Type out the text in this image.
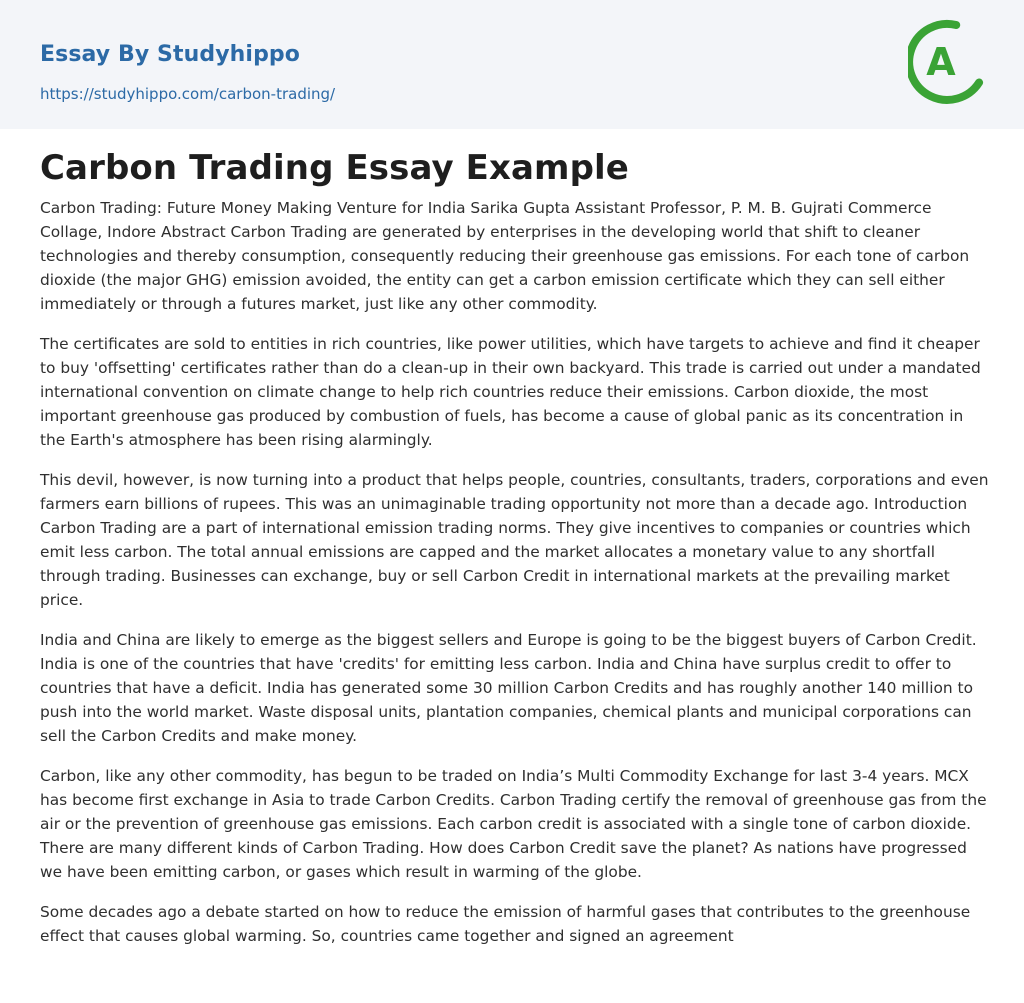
Essay By Studyhippo
https://studyhippo.com/carbon-trading/
A
Carbon Trading Essay Example

Carbon Trading: Future Money Making Venture for India Sarika Gupta Assistant Professor, P. M. B. Gujrati Commerce Collage, Indore Abstract Carbon Trading are generated by enterprises in the developing world that shift to cleaner technologies and thereby consumption, consequently reducing their greenhouse gas emissions. For each tone of carbon dioxide (the major GHG) emission avoided, the entity can get a carbon emission certificate which they can sell either immediately or through a futures market, just like any other commodity.

The certificates are sold to entities in rich countries, like power utilities, which have targets to achieve and find it cheaper to buy 'offsetting' certificates rather than do a clean-up in their own backyard. This trade is carried out under a mandated international convention on climate change to help rich countries reduce their emissions. Carbon dioxide, the most important greenhouse gas produced by combustion of fuels, has become a cause of global panic as its concentration in the Earth's atmosphere has been rising alarmingly.

This devil, however, is now turning into a product that helps people, countries, consultants, traders, corporations and even farmers earn billions of rupees. This was an unimaginable trading opportunity not more than a decade ago. Introduction Carbon Trading are a part of international emission trading norms. They give incentives to companies or countries which emit less carbon. The total annual emissions are capped and the market allocates a monetary value to any shortfall through trading. Businesses can exchange, buy or sell Carbon Credit in international markets at the prevailing market price.

India and China are likely to emerge as the biggest sellers and Europe is going to be the biggest buyers of Carbon Credit. India is one of the countries that have 'credits' for emitting less carbon. India and China have surplus credit to offer to countries that have a deficit. India has generated some 30 million Carbon Credits and has roughly another 140 million to push into the world market. Waste disposal units, plantation companies, chemical plants and municipal corporations can sell the Carbon Credits and make money.

Carbon, like any other commodity, has begun to be traded on India’s Multi Commodity Exchange for last 3-4 years. MCX has become first exchange in Asia to trade Carbon Credits. Carbon Trading certify the removal of greenhouse gas from the air or the prevention of greenhouse gas emissions. Each carbon credit is associated with a single tone of carbon dioxide. There are many different kinds of Carbon Trading. How does Carbon Credit save the planet? As nations have progressed we have been emitting carbon, or gases which result in warming of the globe.

Some decades ago a debate started on how to reduce the emission of harmful gases that contributes to the greenhouse effect that causes global warming. So, countries came together and signed an agreement
